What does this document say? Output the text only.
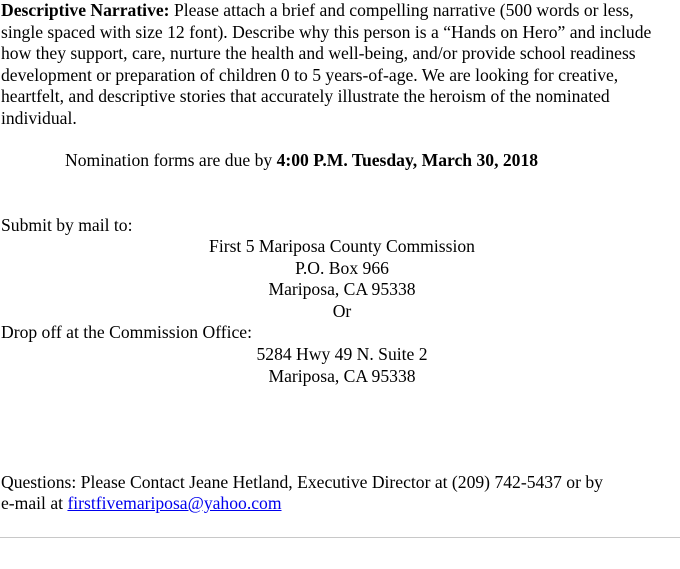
Descriptive Narrative: Please attach a brief and compelling narrative (500 words or less, single spaced with size 12 font). Describe why this person is a “Hands on Hero” and include how they support, care, nurture the health and well-being, and/or provide school readiness development or preparation of children 0 to 5 years-of-age. We are looking for creative, heartfelt, and descriptive stories that accurately illustrate the heroism of the nominated individual.

Nomination forms are due by 4:00 P.M. Tuesday, March 30, 2018

Submit by mail to:

First 5 Mariposa County Commission

P.O. Box 966

Mariposa, CA 95338

Or

Drop off at the Commission Office:

5284 Hwy 49 N. Suite 2

Mariposa, CA 95338

Questions: Please Contact Jeane Hetland, Executive Director at (209) 742-5437 or by

e-mail at firstfivemariposa@yahoo.com
